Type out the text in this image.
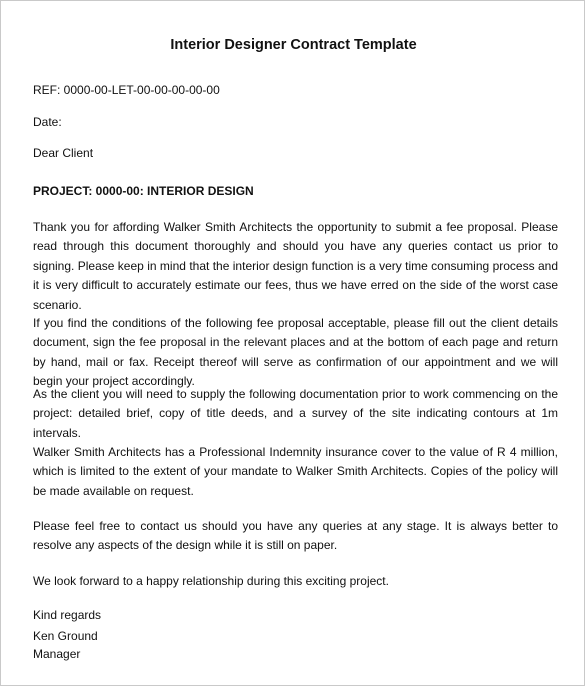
Interior Designer Contract Template
REF: 0000-00-LET-00-00-00-00-00
Date:
Dear Client
PROJECT: 0000-00: INTERIOR DESIGN
Thank you for affording Walker Smith Architects the opportunity to submit a fee proposal. Please read through this document thoroughly and should you have any queries contact us prior to signing. Please keep in mind that the interior design function is a very time consuming process and it is very difficult to accurately estimate our fees, thus we have erred on the side of the worst case scenario.
If you find the conditions of the following fee proposal acceptable, please fill out the client details document, sign the fee proposal in the relevant places and at the bottom of each page and return by hand, mail or fax. Receipt thereof will serve as confirmation of our appointment and we will begin your project accordingly.
As the client you will need to supply the following documentation prior to work commencing on the project: detailed brief, copy of title deeds, and a survey of the site indicating contours at 1m intervals.
Walker Smith Architects has a Professional Indemnity insurance cover to the value of R 4 million, which is limited to the extent of your mandate to Walker Smith Architects. Copies of the policy will be made available on request.
Please feel free to contact us should you have any queries at any stage. It is always better to resolve any aspects of the design while it is still on paper.
We look forward to a happy relationship during this exciting project.
Kind regards
Ken Ground
Manager
